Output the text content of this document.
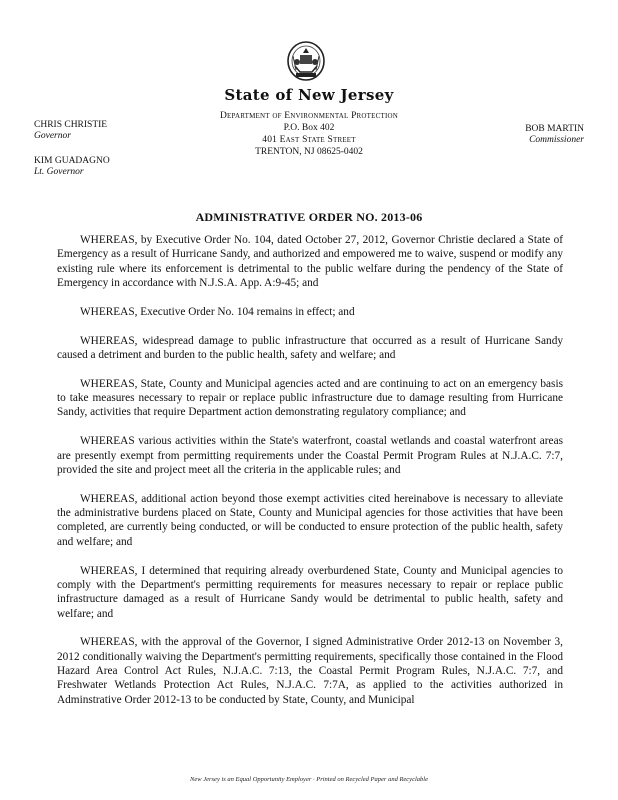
State of New Jersey
Department of Environmental Protection
P.O. Box 402
401 East State Street
TRENTON, NJ 08625-0402
CHRIS CHRISTIE
Governor
KIM GUADAGNO
Lt. Governor
BOB MARTIN
Commissioner
ADMINISTRATIVE ORDER NO. 2013-06

WHEREAS, by Executive Order No. 104, dated October 27, 2012, Governor Christie declared a State of Emergency as a result of Hurricane Sandy, and authorized and empowered me to waive, suspend or modify any existing rule where its enforcement is detrimental to the public welfare during the pendency of the State of Emergency in accordance with N.J.S.A. App. A:9-45; and

WHEREAS, Executive Order No. 104 remains in effect; and

WHEREAS, widespread damage to public infrastructure that occurred as a result of Hurricane Sandy caused a detriment and burden to the public health, safety and welfare; and

WHEREAS, State, County and Municipal agencies acted and are continuing to act on an emergency basis to take measures necessary to repair or replace public infrastructure due to damage resulting from Hurricane Sandy, activities that require Department action demonstrating regulatory compliance; and

WHEREAS various activities within the State's waterfront, coastal wetlands and coastal waterfront areas are presently exempt from permitting requirements under the Coastal Permit Program Rules at N.J.A.C. 7:7, provided the site and project meet all the criteria in the applicable rules; and

WHEREAS, additional action beyond those exempt activities cited hereinabove is necessary to alleviate the administrative burdens placed on State, County and Municipal agencies for those activities that have been completed, are currently being conducted, or will be conducted to ensure protection of the public health, safety and welfare; and

WHEREAS, I determined that requiring already overburdened State, County and Municipal agencies to comply with the Department's permitting requirements for measures necessary to repair or replace public infrastructure damaged as a result of Hurricane Sandy would be detrimental to public health, safety and welfare; and

WHEREAS, with the approval of the Governor, I signed Administrative Order 2012-13 on November 3, 2012 conditionally waiving the Department's permitting requirements, specifically those contained in the Flood Hazard Area Control Act Rules, N.J.A.C. 7:13, the Coastal Permit Program Rules, N.J.A.C. 7:7, and Freshwater Wetlands Protection Act Rules, N.J.A.C. 7:7A, as applied to the activities authorized in Adminstrative Order 2012-13 to be conducted by State, County, and Municipal

New Jersey is an Equal Opportunity Employer · Printed on Recycled Paper and Recyclable
